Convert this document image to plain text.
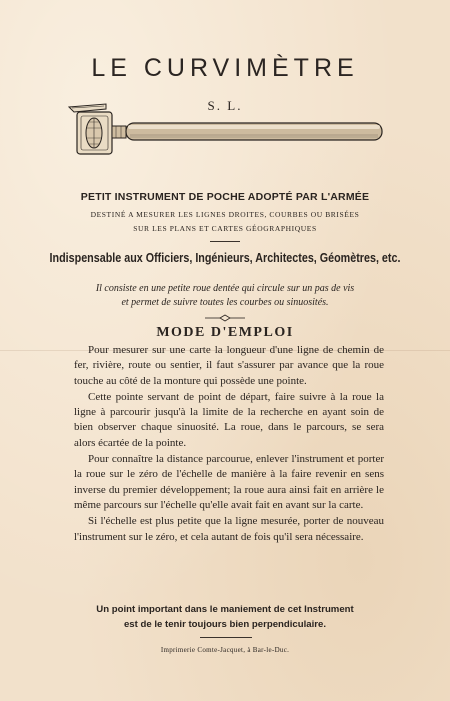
LE CURVIMÈTRE
S. L.
PETIT INSTRUMENT DE POCHE ADOPTÉ PAR L'ARMÉE
DESTINÉ A MESURER LES LIGNES DROITES, COURBES OU BRISÉES
SUR LES PLANS ET CARTES GÉOGRAPHIQUES
Indispensable aux Officiers, Ingénieurs, Architectes, Géomètres, etc.
Il consiste en une petite roue dentée qui circule sur un pas de vis
et permet de suivre toutes les courbes ou sinuosités.
MODE D'EMPLOI

Pour mesurer sur une carte la longueur d'une ligne de chemin de fer, rivière, route ou sentier, il faut s'assurer par avance que la roue touche au côté de la monture qui possède une pointe.

Cette pointe servant de point de départ, faire suivre à la roue la ligne à parcourir jusqu'à la limite de la recherche en ayant soin de bien observer chaque sinuosité. La roue, dans le parcours, se sera alors écartée de la pointe.

Pour connaître la distance parcourue, enlever l'instrument et porter la roue sur le zéro de l'échelle de manière à la faire revenir en sens inverse du premier développement; la roue aura ainsi fait en arrière le même parcours sur l'échelle qu'elle avait fait en avant sur la carte.

Si l'échelle est plus petite que la ligne mesurée, porter de nouveau l'instrument sur le zéro, et cela autant de fois qu'il sera nécessaire.

Un point important dans le maniement de cet Instrument
est de le tenir toujours bien perpendiculaire.
Imprimerie Comte-Jacquet, à Bar-le-Duc.
